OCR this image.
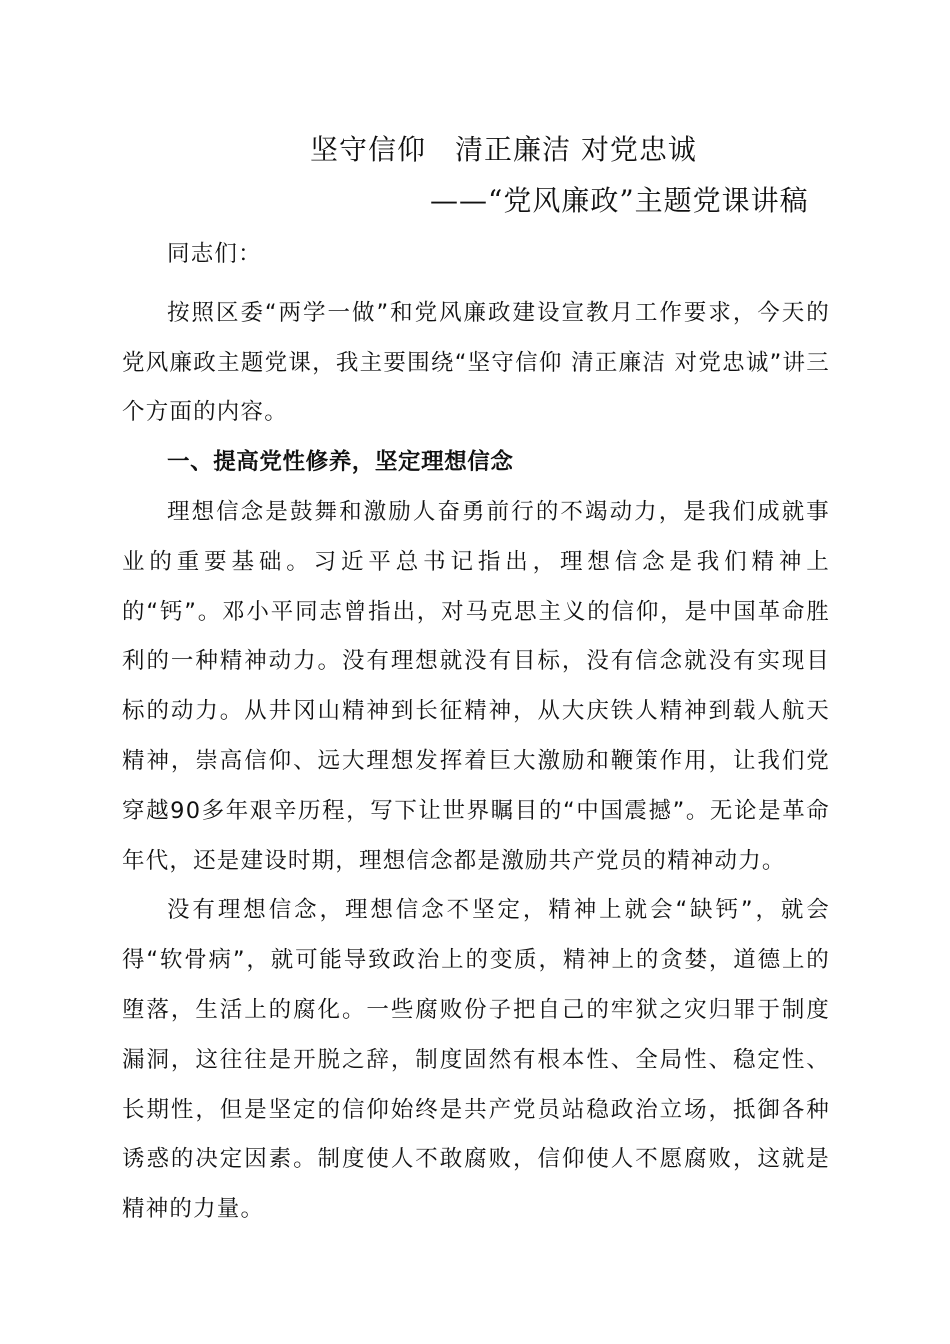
坚守信仰　清正廉洁 对党忠诚
——“党风廉政”主题党课讲稿

同志们：

按照区委“两学一做”和党风廉政建设宣教月工作要求，今天的党风廉政主题党课，我主要围绕“坚守信仰 清正廉洁 对党忠诚”讲三个方面的内容。

一、提高党性修养，坚定理想信念

理想信念是鼓舞和激励人奋勇前行的不竭动力，是我们成就事业的重要基础。习近平总书记指出，理想信念是我们精神上的“钙”。邓小平同志曾指出，对马克思主义的信仰，是中国革命胜利的一种精神动力。没有理想就没有目标，没有信念就没有实现目标的动力。从井冈山精神到长征精神，从大庆铁人精神到载人航天精神，崇高信仰、远大理想发挥着巨大激励和鞭策作用，让我们党穿越90多年艰辛历程，写下让世界瞩目的“中国震撼”。无论是革命年代，还是建设时期，理想信念都是激励共产党员的精神动力。

没有理想信念，理想信念不坚定，精神上就会“缺钙”，就会得“软骨病”，就可能导致政治上的变质，精神上的贪婪，道德上的堕落，生活上的腐化。一些腐败份子把自己的牢狱之灾归罪于制度漏洞，这往往是开脱之辞，制度固然有根本性、全局性、稳定性、长期性，但是坚定的信仰始终是共产党员站稳政治立场，抵御各种诱惑的决定因素。制度使人不敢腐败，信仰使人不愿腐败，这就是精神的力量。
